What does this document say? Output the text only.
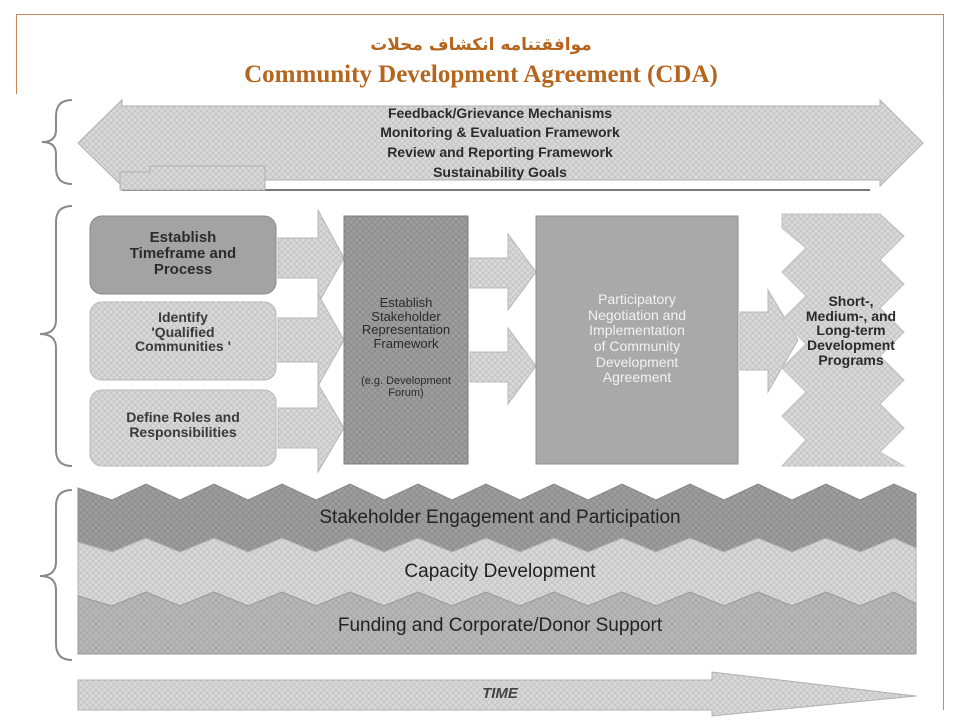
موافقتنامه انکشاف محلات
Community Development Agreement (CDA)
Feedback/Grievance Mechanisms
Monitoring & Evaluation Framework
Review and Reporting Framework
Sustainability Goals
Establish
Timeframe and
Process
Identify
'Qualified
Communities '
Define Roles and
Responsibilities
Establish
Stakeholder
Representation
Framework
(e.g. Development
Forum)
Participatory
Negotiation and
Implementation
of Community
Development
Agreement
Short-,
Medium-, and
Long-term
Development
Programs
Stakeholder Engagement and Participation
Capacity Development
Funding and Corporate/Donor Support
TIME
